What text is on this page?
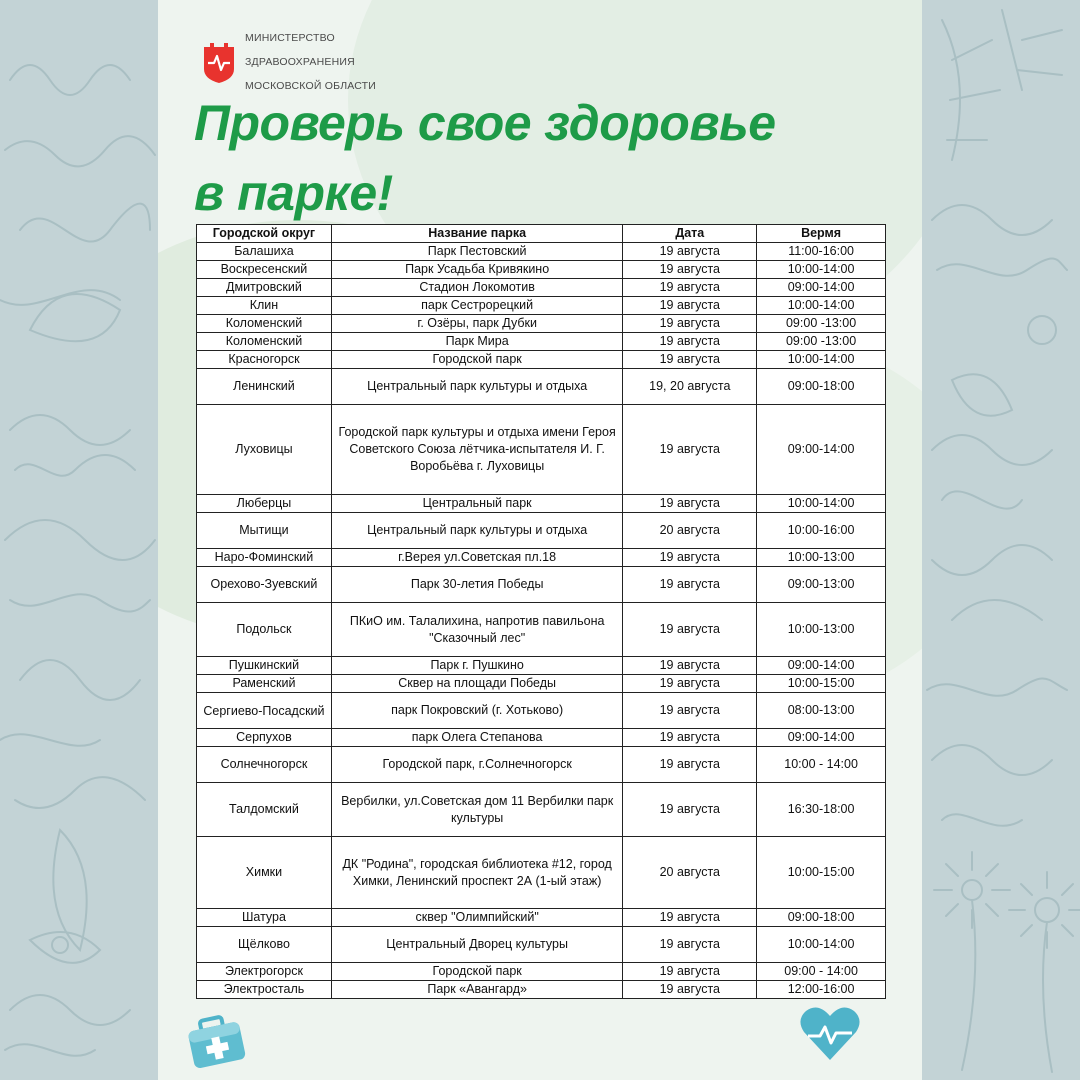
МИНИСТЕРСТВО

ЗДРАВООХРАНЕНИЯ

МОСКОВСКОЙ ОБЛАСТИ

Проверь свое здоровье
в парке!
Городской округ	Название парка	Дата	Вермя
Балашиха	Парк Пестовский	19 августа	11:00-16:00
Воскресенский	Парк Усадьба Кривякино	19 августа	10:00-14:00
Дмитровский	Стадион Локомотив	19 августа	09:00-14:00
Клин	парк Сестрорецкий	19 августа	10:00-14:00
Коломенский	г. Озёры, парк Дубки	19 августа	09:00 -13:00
Коломенский	Парк Мира	19 августа	09:00 -13:00
Красногорск	Городской парк	19 августа	10:00-14:00
Ленинский	Центральный парк культуры и отдыха	19, 20 августа	09:00-18:00
Луховицы	Городской парк культуры и отдыха имени Героя Советского Союза лётчика-испытателя И. Г. Воробьёва г. Луховицы	19 августа	09:00-14:00
Люберцы	Центральный парк	19 августа	10:00-14:00
Мытищи	Центральный парк культуры и отдыха	20 августа	10:00-16:00
Наро-Фоминский	г.Верея ул.Советская пл.18	19 августа	10:00-13:00
Орехово-Зуевский	Парк 30-летия Победы	19 августа	09:00-13:00
Подольск	ПКиО им. Талалихина, напротив павильона "Сказочный лес"	19 августа	10:00-13:00
Пушкинский	Парк г. Пушкино	19 августа	09:00-14:00
Раменский	Сквер на площади Победы	19 августа	10:00-15:00
Сергиево-Посадский	парк Покровский (г. Хотьково)	19 августа	08:00-13:00
Серпухов	парк Олега Степанова	19 августа	09:00-14:00
Солнечногорск	Городской парк, г.Солнечногорск	19 августа	10:00 - 14:00
Талдомский	Вербилки, ул.Советская дом 11 Вербилки парк культуры	19 августа	16:30-18:00
Химки	ДК "Родина", городская библиотека #12, город Химки, Ленинский проспект 2А (1-ый этаж)	20 августа	10:00-15:00
Шатура	сквер "Олимпийский"	19 августа	09:00-18:00
Щёлково	Центральный Дворец культуры	19 августа	10:00-14:00
Электрогорск	Городской парк	19 августа	09:00 - 14:00
Электросталь	Парк «Авангард»	19 августа	12:00-16:00
